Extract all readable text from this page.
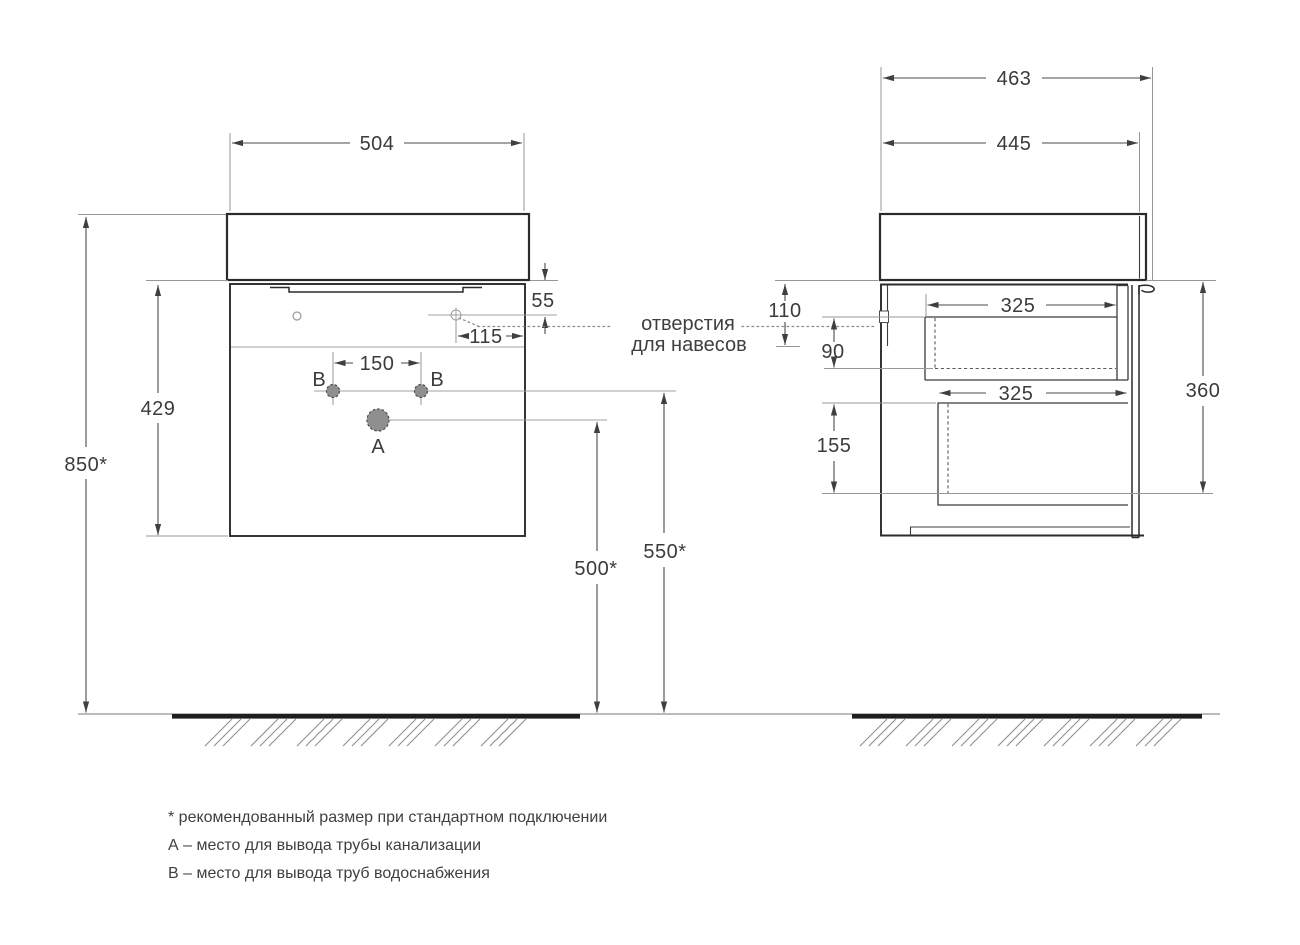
504
55
115
150
В	В
А
429
850*
500*
550*
отверстия
для навесов
463
445
325
110
90
325
155
360
* рекомендованный размер при стандартном подключении
А – место для вывода трубы канализации
В – место для вывода труб водоснабжения
